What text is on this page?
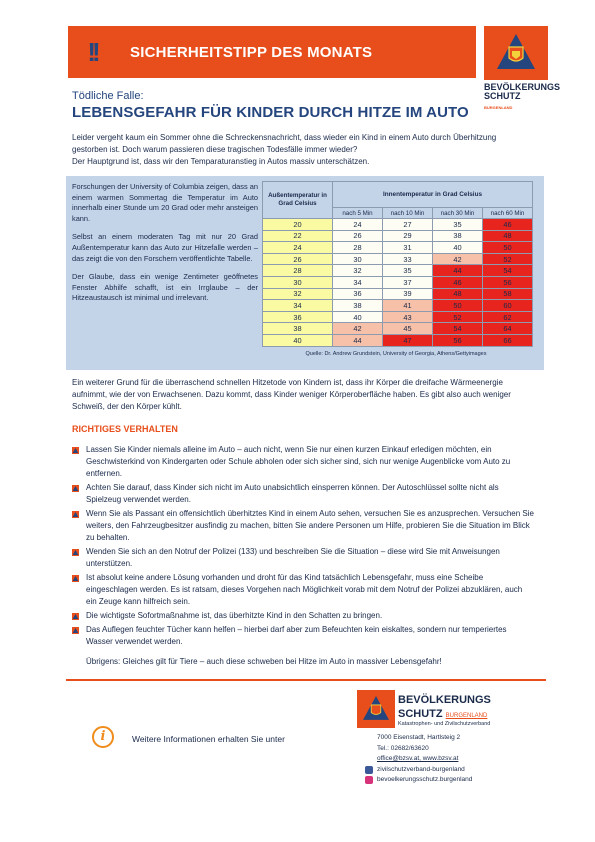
!!	SICHERHEITSTIPP DES MONATS
BEVÖLKERUNGS
SCHUTZ BURGENLAND
Tödliche Falle:
LEBENSGEFAHR FÜR KINDER DURCH HITZE IM AUTO
Leider vergeht kaum ein Sommer ohne die Schreckensnachricht, dass wieder ein Kind in einem Auto durch Überhitzung gestorben ist. Doch warum passieren diese tragischen Todesfälle immer wieder?
Der Hauptgrund ist, dass wir den Temparaturanstieg in Autos massiv unterschätzen.

Forschungen der University of Columbia zeigen, dass an einem warmen Sommertag die Temperatur im Auto innerhalb einer Stunde um 20 Grad oder mehr ansteigen kann.

Selbst an einem moderaten Tag mit nur 20 Grad Außentemperatur kann das Auto zur Hitzefalle werden – das zeigt die von den Forschern veröffentlichte Tabelle.

Der Glaube, dass ein wenige Zentimeter geöffnetes Fenster Abhilfe schafft, ist ein Irrglaube – der Hitzeaustausch ist minimal und irrelevant.

Außentemperatur in Grad Celsius	Innentemperatur in Grad Celsius			
	nach 5 Min	nach 10 Min	nach 30 Min	nach 60 Min
20	24	27	35	46
22	26	29	38	48
24	28	31	40	50
26	30	33	42	52
28	32	35	44	54
30	34	37	46	56
32	36	39	48	58
34	38	41	50	60
36	40	43	52	62
38	42	45	54	64
40	44	47	56	66
Quelle: Dr. Andrew Grundstein, University of Georgia, Athens/Gettyimages
Ein weiterer Grund für die überraschend schnellen Hitzetode von Kindern ist, dass ihr Körper die dreifache Wärmeenergie aufnimmt, wie der von Erwachsenen. Dazu kommt, dass Kinder weniger Körperoberfläche haben. Es gibt also auch weniger Schweiß, der den Körper kühlt.
RICHTIGES VERHALTEN
Lassen Sie Kinder niemals alleine im Auto – auch nicht, wenn Sie nur einen kurzen Einkauf erledigen möchten, ein Geschwisterkind von Kindergarten oder Schule abholen oder sich sicher sind, sich nur wenige Augenblicke vom Auto zu entfernen.
Achten Sie darauf, dass Kinder sich nicht im Auto unabsichtlich einsperren können. Der Autoschlüssel sollte nicht als Spielzeug verwendet werden.
Wenn Sie als Passant ein offensichtlich überhitztes Kind in einem Auto sehen, versuchen Sie es anzusprechen. Versuchen Sie weiters, den Fahrzeugbesitzer ausfindig zu machen, bitten Sie andere Personen um Hilfe, probieren Sie die Situation im Blick zu behalten.
Wenden Sie sich an den Notruf der Polizei (133) und beschreiben Sie die Situation – diese wird Sie mit Anweisungen unterstützen.
Ist absolut keine andere Lösung vorhanden und droht für das Kind tatsächlich Lebensgefahr, muss eine Scheibe eingeschlagen werden. Es ist ratsam, dieses Vorgehen nach Möglichkeit vorab mit dem Notruf der Polizei abzuklären, auch ein Zeuge kann hilfreich sein.
Die wichtigste Sofortmaßnahme ist, das überhitzte Kind in den Schatten zu bringen.
Das Auflegen feuchter Tücher kann helfen – hierbei darf aber zum Befeuchten kein eiskaltes, sondern nur temperiertes Wasser verwendet werden.
Übrigens: Gleiches gilt für Tiere – auch diese schweben bei Hitze im Auto in massiver Lebensgefahr!
i	Weitere Informationen erhalten Sie unter
BEVÖLKERUNGS
SCHUTZ BURGENLAND
Katastrophen- und Zivilschutzverband
7000 Eisenstadt, Hartlsteig 2
Tel.: 02682/63620
office@bzsv.at, www.bzsv.at
zivilschutzverband-burgenland
bevoelkerungsschutz.burgenland
